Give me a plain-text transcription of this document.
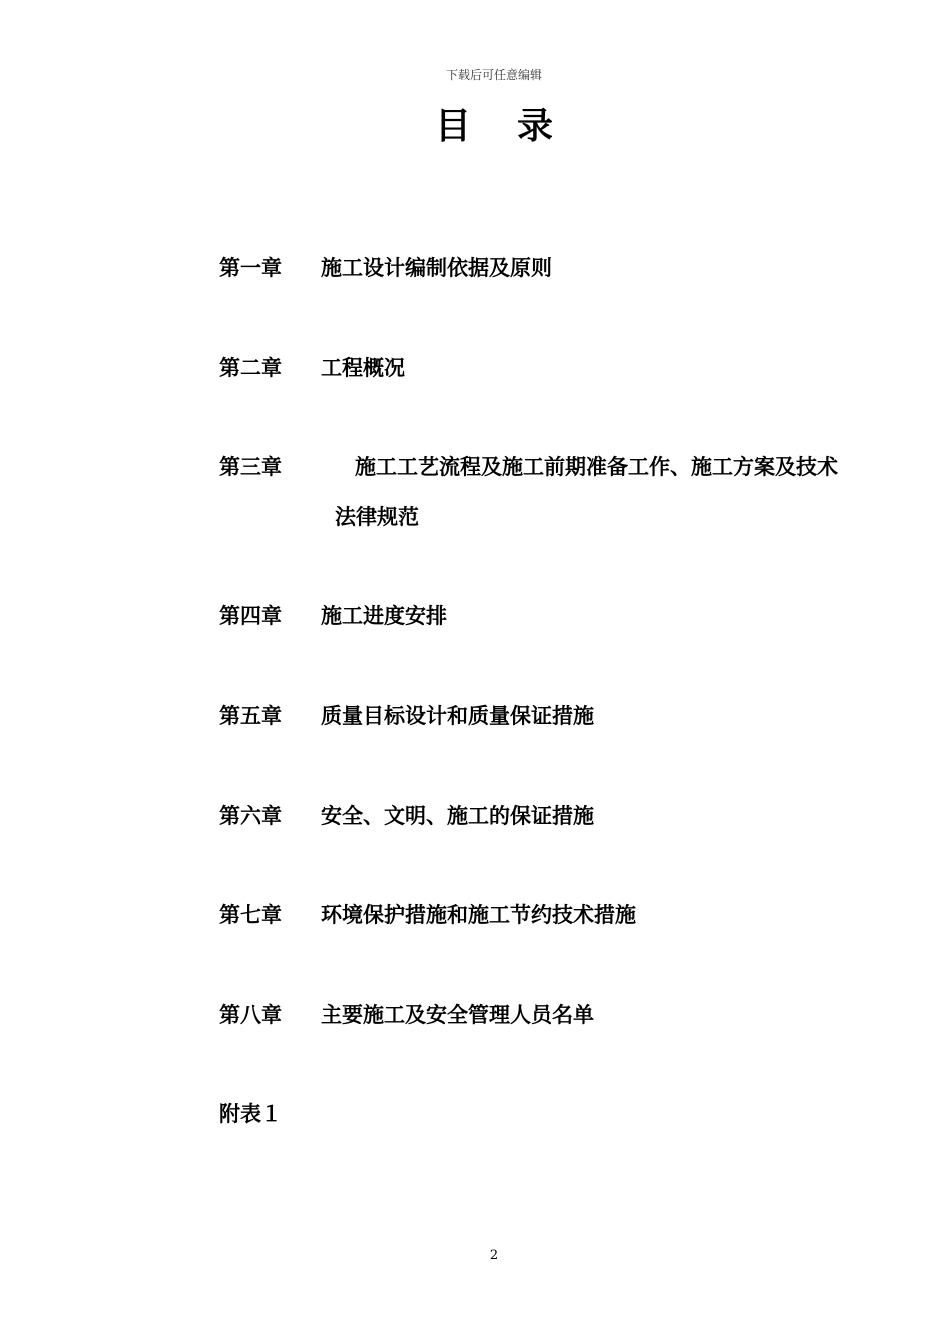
下载后可任意编辑
目录
第一章 施工设计编制依据及原则
第二章 工程概况
第三章	施工工艺流程及施工前期准备工作、施工方案及技术
法律规范
第四章 施工进度安排
第五章 质量目标设计和质量保证措施
第六章 安全、文明、施工的保证措施
第七章 环境保护措施和施工节约技术措施
第八章 主要施工及安全管理人员名单
附表１
2
